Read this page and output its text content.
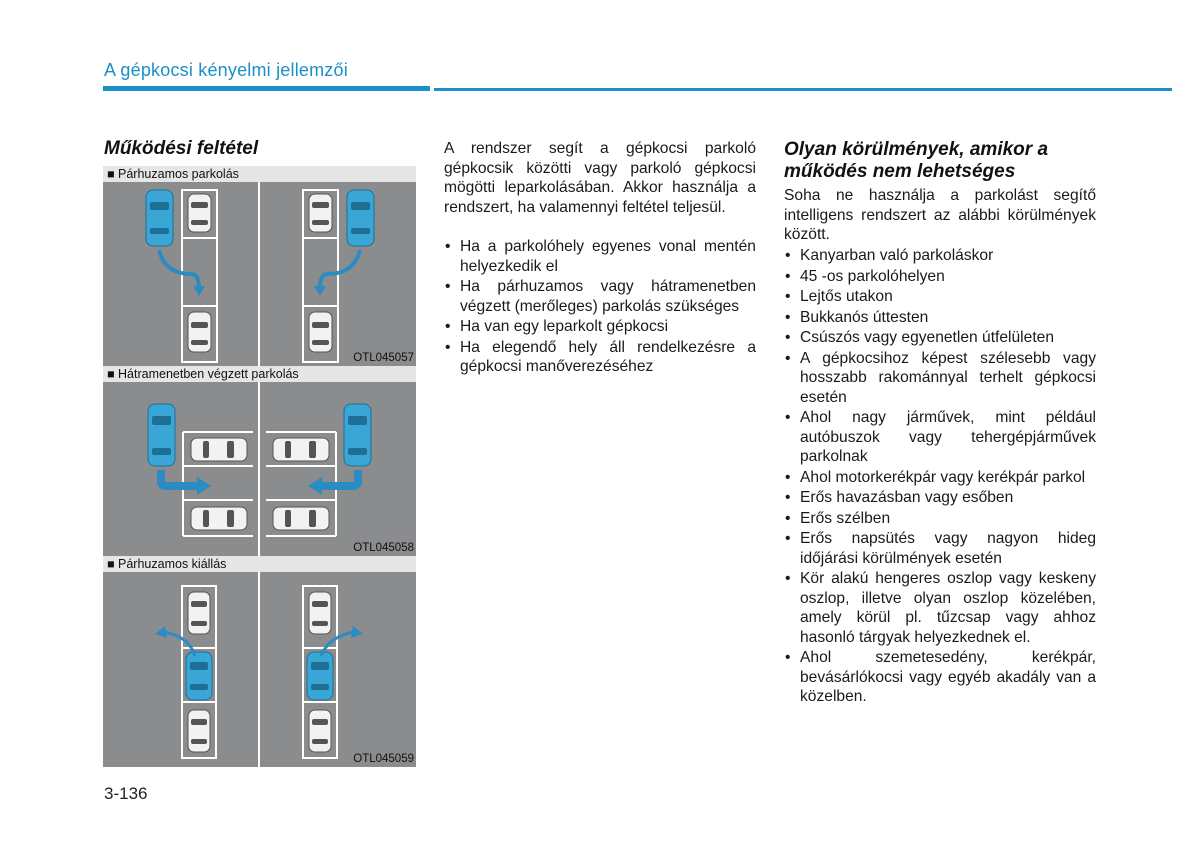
A gépkocsi kényelmi jellemzői
Működési feltétel
■ Párhuzamos parkolás
OTL045057
■ Hátramenetben végzett parkolás
OTL045058
■ Párhuzamos kiállás
OTL045059
A rendszer segít a gépkocsi parkoló gépkocsik közötti vagy parkoló gépkocsi mögötti leparkolásában. Akkor használja a rendszert, ha valamennyi feltétel teljesül.
• Ha a parkolóhely egyenes vonal mentén helyezkedik el
• Ha párhuzamos vagy hátramenetben végzett (merőleges) parkolás szükséges
• Ha van egy leparkolt gépkocsi
• Ha elegendő hely áll rendelkezésre a gépkocsi manőverezéséhez
Olyan körülmények, amikor a működés nem lehetséges
Soha ne használja a parkolást segítő intelligens rendszert az alábbi körülmények között.
• Kanyarban való parkoláskor
• 45 -os parkolóhelyen
• Lejtős utakon
• Bukkanós úttesten
• Csúszós vagy egyenetlen útfelületen
• A gépkocsihoz képest szélesebb vagy hosszabb rakománnyal terhelt gépkocsi esetén
• Ahol nagy járművek, mint például autóbuszok vagy tehergépjárművek parkolnak
• Ahol motorkerékpár vagy kerékpár parkol
• Erős havazásban vagy esőben
• Erős szélben
• Erős napsütés vagy nagyon hideg időjárási körülmények esetén
• Kör alakú hengeres oszlop vagy keskeny oszlop, illetve olyan oszlop közelében, amely körül pl. tűzcsap vagy ahhoz hasonló tárgyak helyezkednek el.
• Ahol szemetesedény, kerékpár, bevásárlókocsi vagy egyéb akadály van a közelben.
3-136
